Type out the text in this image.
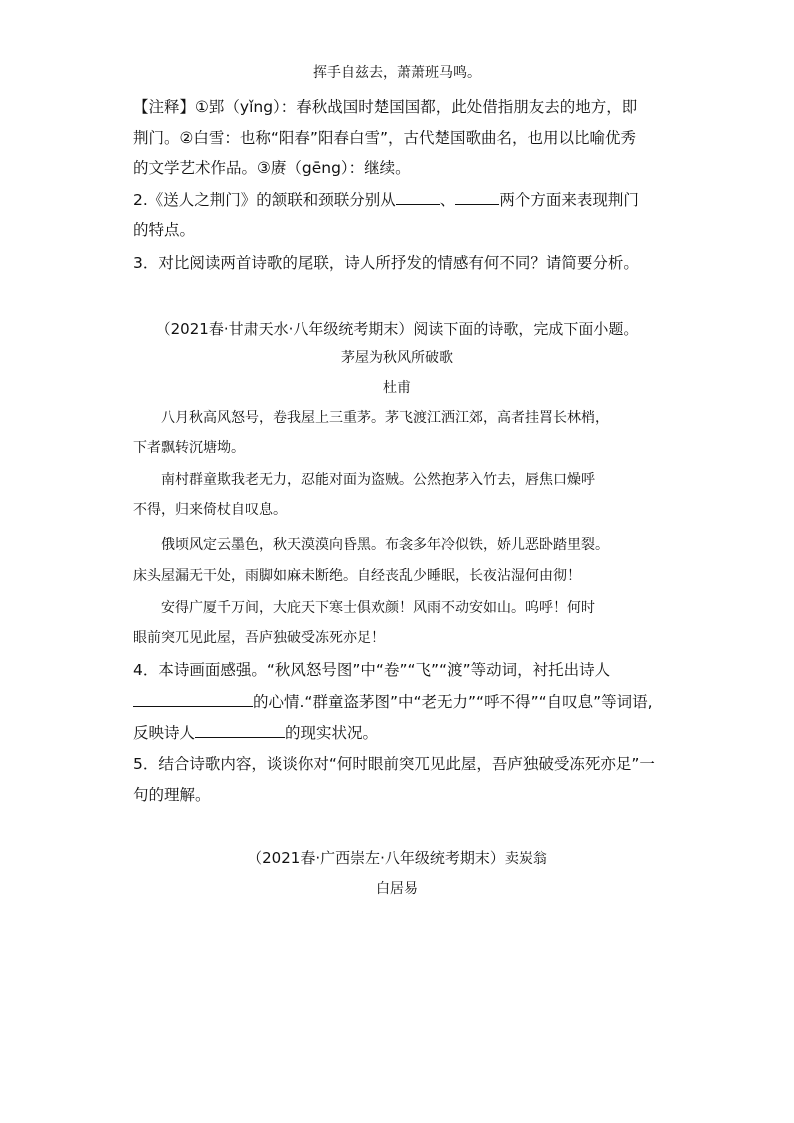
挥手自兹去，萧萧班马鸣。
【注释】①郢（yǐng）：春秋战国时楚国国都，此处借指朋友去的地方，即
荆门。②白雪：也称“阳春”阳春白雪”，古代楚国歌曲名，也用以比喻优秀
的文学艺术作品。③赓（gēng）：继续。
2.《送人之荆门》的颔联和颈联分别从	、	两个方面来表现荆门
的特点。
3．对比阅读两首诗歌的尾联，诗人所抒发的情感有何不同？请简要分析。
（2021春·甘肃天水·八年级统考期末）阅读下面的诗歌，完成下面小题。
茅屋为秋风所破歌
杜甫
八月秋高风怒号，卷我屋上三重茅。茅飞渡江洒江郊，高者挂罥长林梢，
下者飘转沉塘坳。
南村群童欺我老无力，忍能对面为盗贼。公然抱茅入竹去，唇焦口燥呼
不得，归来倚杖自叹息。
俄顷风定云墨色，秋天漠漠向昏黑。布衾多年冷似铁，娇儿恶卧踏里裂。
床头屋漏无干处，雨脚如麻未断绝。自经丧乱少睡眠，长夜沾湿何由彻！
安得广厦千万间，大庇天下寒士俱欢颜！风雨不动安如山。呜呼！何时
眼前突兀见此屋，吾庐独破受冻死亦足！
4．本诗画面感强。“秋风怒号图”中“卷”“飞”“渡”等动词，衬托出诗人
的心情.“群童盗茅图”中“老无力”“呼不得”“自叹息”等词语,
反映诗人	的现实状况。
5．结合诗歌内容，谈谈你对“何时眼前突兀见此屋，吾庐独破受冻死亦足”一
句的理解。
（2021春·广西崇左·八年级统考期末）卖炭翁
白居易
